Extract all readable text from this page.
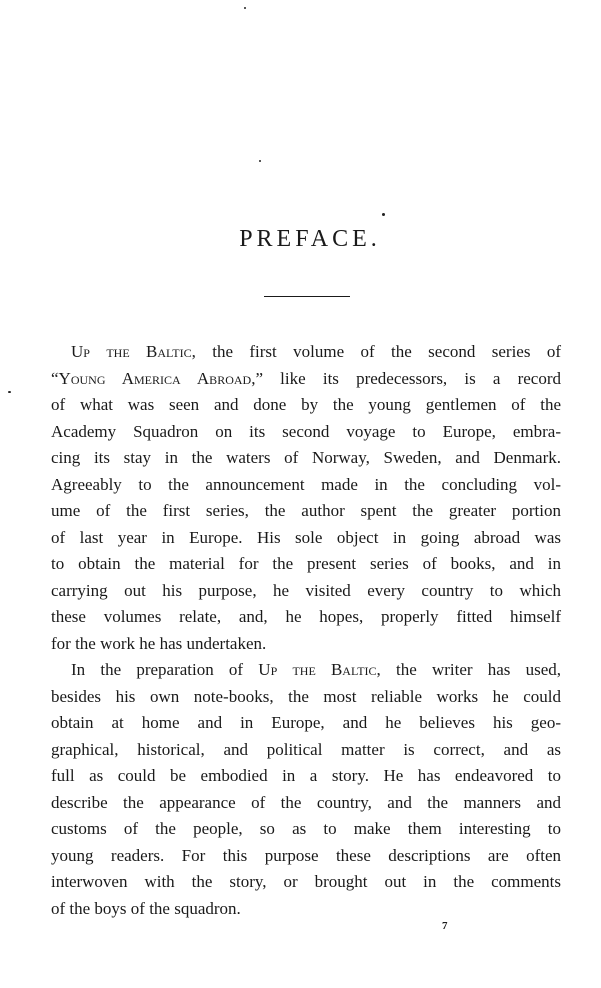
PREFACE.
Up the Baltic, the first volume of the second series of
“Young America Abroad,” like its predecessors, is a record
of what was seen and done by the young gentlemen of the
Academy Squadron on its second voyage to Europe, embra-
cing its stay in the waters of Norway, Sweden, and Denmark.
Agreeably to the announcement made in the concluding vol-
ume of the first series, the author spent the greater portion
of last year in Europe. His sole object in going abroad was
to obtain the material for the present series of books, and in
carrying out his purpose, he visited every country to which
these volumes relate, and, he hopes, properly fitted himself
for the work he has undertaken.
In the preparation of Up the Baltic, the writer has used,
besides his own note-books, the most reliable works he could
obtain at home and in Europe, and he believes his geo-
graphical, historical, and political matter is correct, and as
full as could be embodied in a story. He has endeavored to
describe the appearance of the country, and the manners and
customs of the people, so as to make them interesting to
young readers. For this purpose these descriptions are often
interwoven with the story, or brought out in the comments
of the boys of the squadron.
7
